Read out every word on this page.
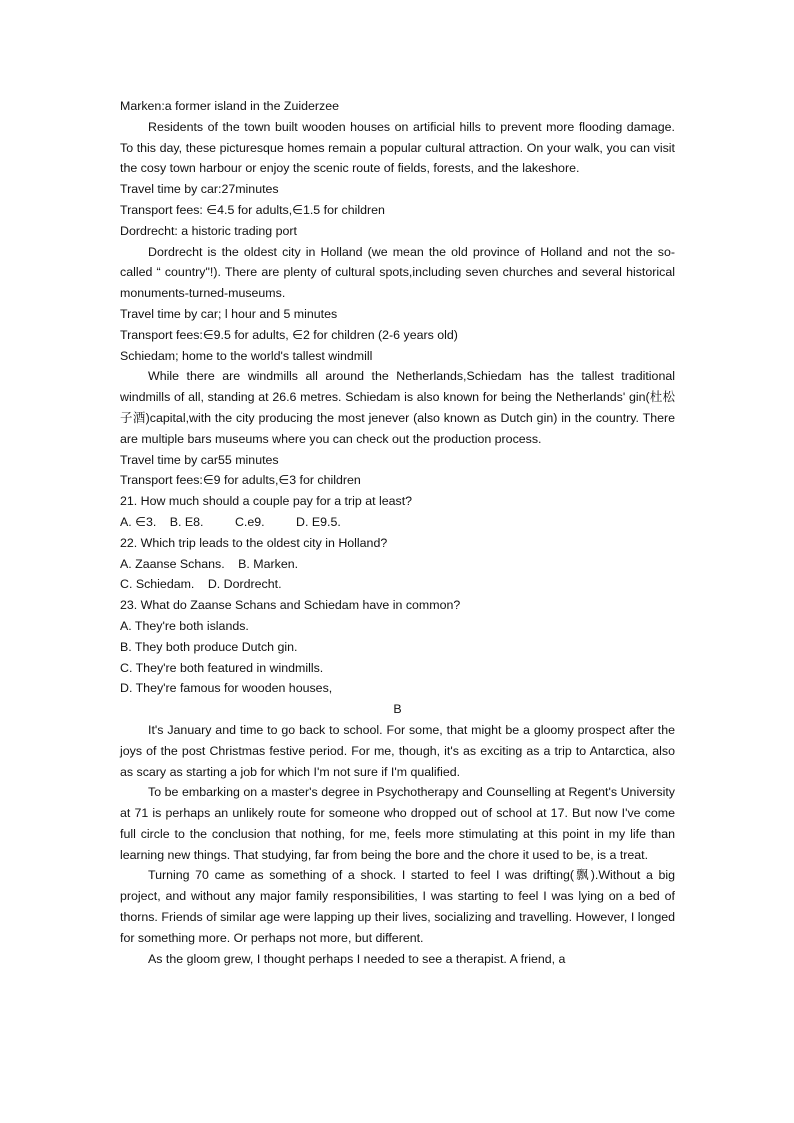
Marken:a former island in the Zuiderzee

Residents of the town built wooden houses on artificial hills to prevent more flooding damage. To this day, these picturesque homes remain a popular cultural attraction. On your walk, you can visit the cosy town harbour or enjoy the scenic route of fields, forests, and the lakeshore.

Travel time by car:27minutes
Transport fees: ∈4.5 for adults,∈1.5 for children
Dordrecht: a historic trading port

Dordrecht is the oldest city in Holland (we mean the old province of Holland and not the so-called “ country"!). There are plenty of cultural spots,including seven churches and several historical monuments-turned-museums.

Travel time by car; l hour and 5 minutes
Transport fees:∈9.5 for adults, ∈2 for children (2-6 years old)
Schiedam; home to the world's tallest windmill

While there are windmills all around the Netherlands,Schiedam has the tallest traditional windmills of all, standing at 26.6 metres. Schiedam is also known for being the Netherlands' gin(杜松子酒)capital,with the city producing the most jenever (also known as Dutch gin) in the country. There are multiple bars museums where you can check out the production process.

Travel time by car55 minutes
Transport fees:∈9 for adults,∈3 for children
21. How much should a couple pay for a trip at least?
A. ∈3. B. E8.	C.e9.	D. E9.5.
22. Which trip leads to the oldest city in Holland?
A. Zaanse Schans. B. Marken.
C. Schiedam. D. Dordrecht.
23. What do Zaanse Schans and Schiedam have in common?
A. They're both islands.
B. They both produce Dutch gin.
C. They're both featured in windmills.
D. They're famous for wooden houses,
B

It's January and time to go back to school. For some, that might be a gloomy prospect after the joys of the post Christmas festive period. For me, though, it's as exciting as a trip to Antarctica, also as scary as starting a job for which I'm not sure if I'm qualified.

To be embarking on a master's degree in Psychotherapy and Counselling at Regent's University at 71 is perhaps an unlikely route for someone who dropped out of school at 17. But now I've come full circle to the conclusion that nothing, for me, feels more stimulating at this point in my life than learning new things. That studying, far from being the bore and the chore it used to be, is a treat.

Turning 70 came as something of a shock. I started to feel I was drifting(飘).Without a big project, and without any major family responsibilities, I was starting to feel I was lying on a bed of thorns. Friends of similar age were lapping up their lives, socializing and travelling. However, I longed for something more. Or perhaps not more, but different.

As the gloom grew, I thought perhaps I needed to see a therapist. A friend, a
